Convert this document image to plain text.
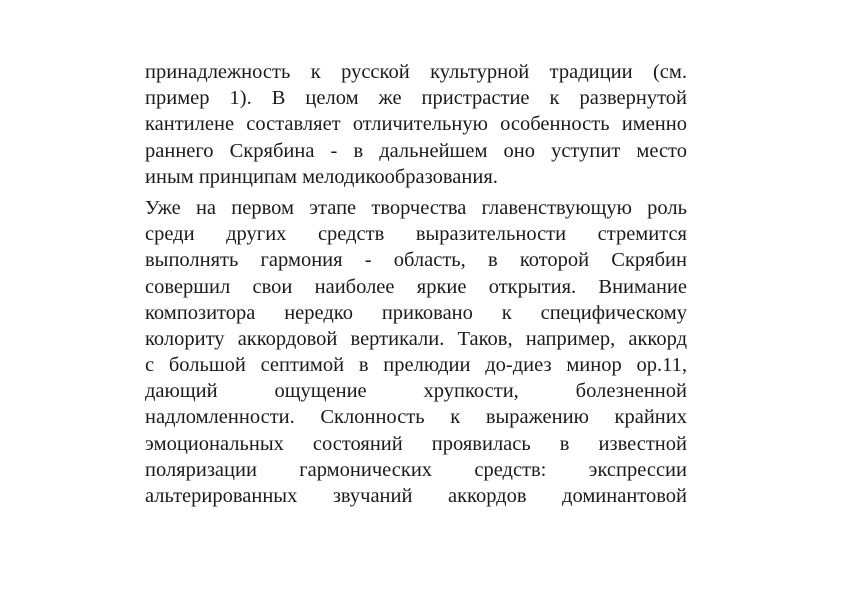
принадлежность к русской культурной традиции (см.
пример 1). В целом же пристрастие к развернутой
кантилене составляет отличительную особенность именно
раннего Скрябина - в дальнейшем оно уступит место
иным принципам мелодикообразования.

Уже на первом этапе творчества главенствующую роль
среди других средств выразительности стремится
выполнять гармония - область, в которой Скрябин
совершил свои наиболее яркие открытия. Внимание
композитора нередко приковано к специфическому
колориту аккордовой вертикали. Таков, например, аккорд
с большой септимой в прелюдии до-диез минор ор.11,
дающий ощущение хрупкости, болезненной
надломленности. Склонность к выражению крайних
эмоциональных состояний проявилась в известной
поляризации гармонических средств: экспрессии
альтерированных звучаний аккордов доминантовой
